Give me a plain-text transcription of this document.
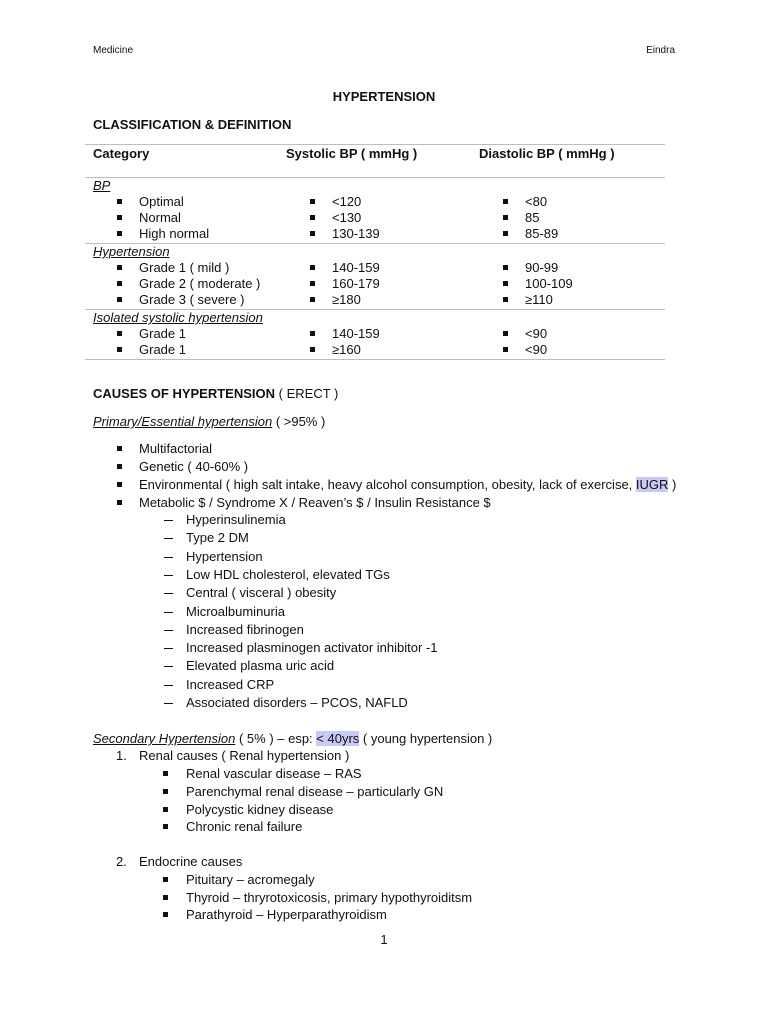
Medicine	Eindra
HYPERTENSION
CLASSIFICATION & DEFINITION
Category	Systolic BP ( mmHg )	Diastolic BP ( mmHg )
BP
Optimal	<120	<80
Normal	<130	85
High normal	130-139	85-89
Hypertension
Grade 1 ( mild )	140-159	90-99
Grade 2 ( moderate )	160-179	100-109
Grade 3 ( severe )	≥180	≥110
Isolated systolic hypertension
Grade 1	140-159	<90
Grade 1	≥160	<90
CAUSES OF HYPERTENSION ( ERECT )
Primary/Essential hypertension ( >95% )
Multifactorial
Genetic ( 40-60% )
Environmental ( high salt intake, heavy alcohol consumption, obesity, lack of exercise, IUGR )
Metabolic $ / Syndrome X / Reaven’s $ / Insulin Resistance $
Hyperinsulinemia
Type 2 DM
Hypertension
Low HDL cholesterol, elevated TGs
Central ( visceral ) obesity
Microalbuminuria
Increased fibrinogen
Increased plasminogen activator inhibitor -1
Elevated plasma uric acid
Increased CRP
Associated disorders – PCOS, NAFLD
Secondary Hypertension ( 5% ) – esp: < 40yrs ( young hypertension )
1. Renal causes ( Renal hypertension )
Renal vascular disease – RAS
Parenchymal renal disease – particularly GN
Polycystic kidney disease
Chronic renal failure
2. Endocrine causes
Pituitary – acromegaly
Thyroid – thryrotoxicosis, primary hypothyroiditsm
Parathyroid – Hyperparathyroidism
1
